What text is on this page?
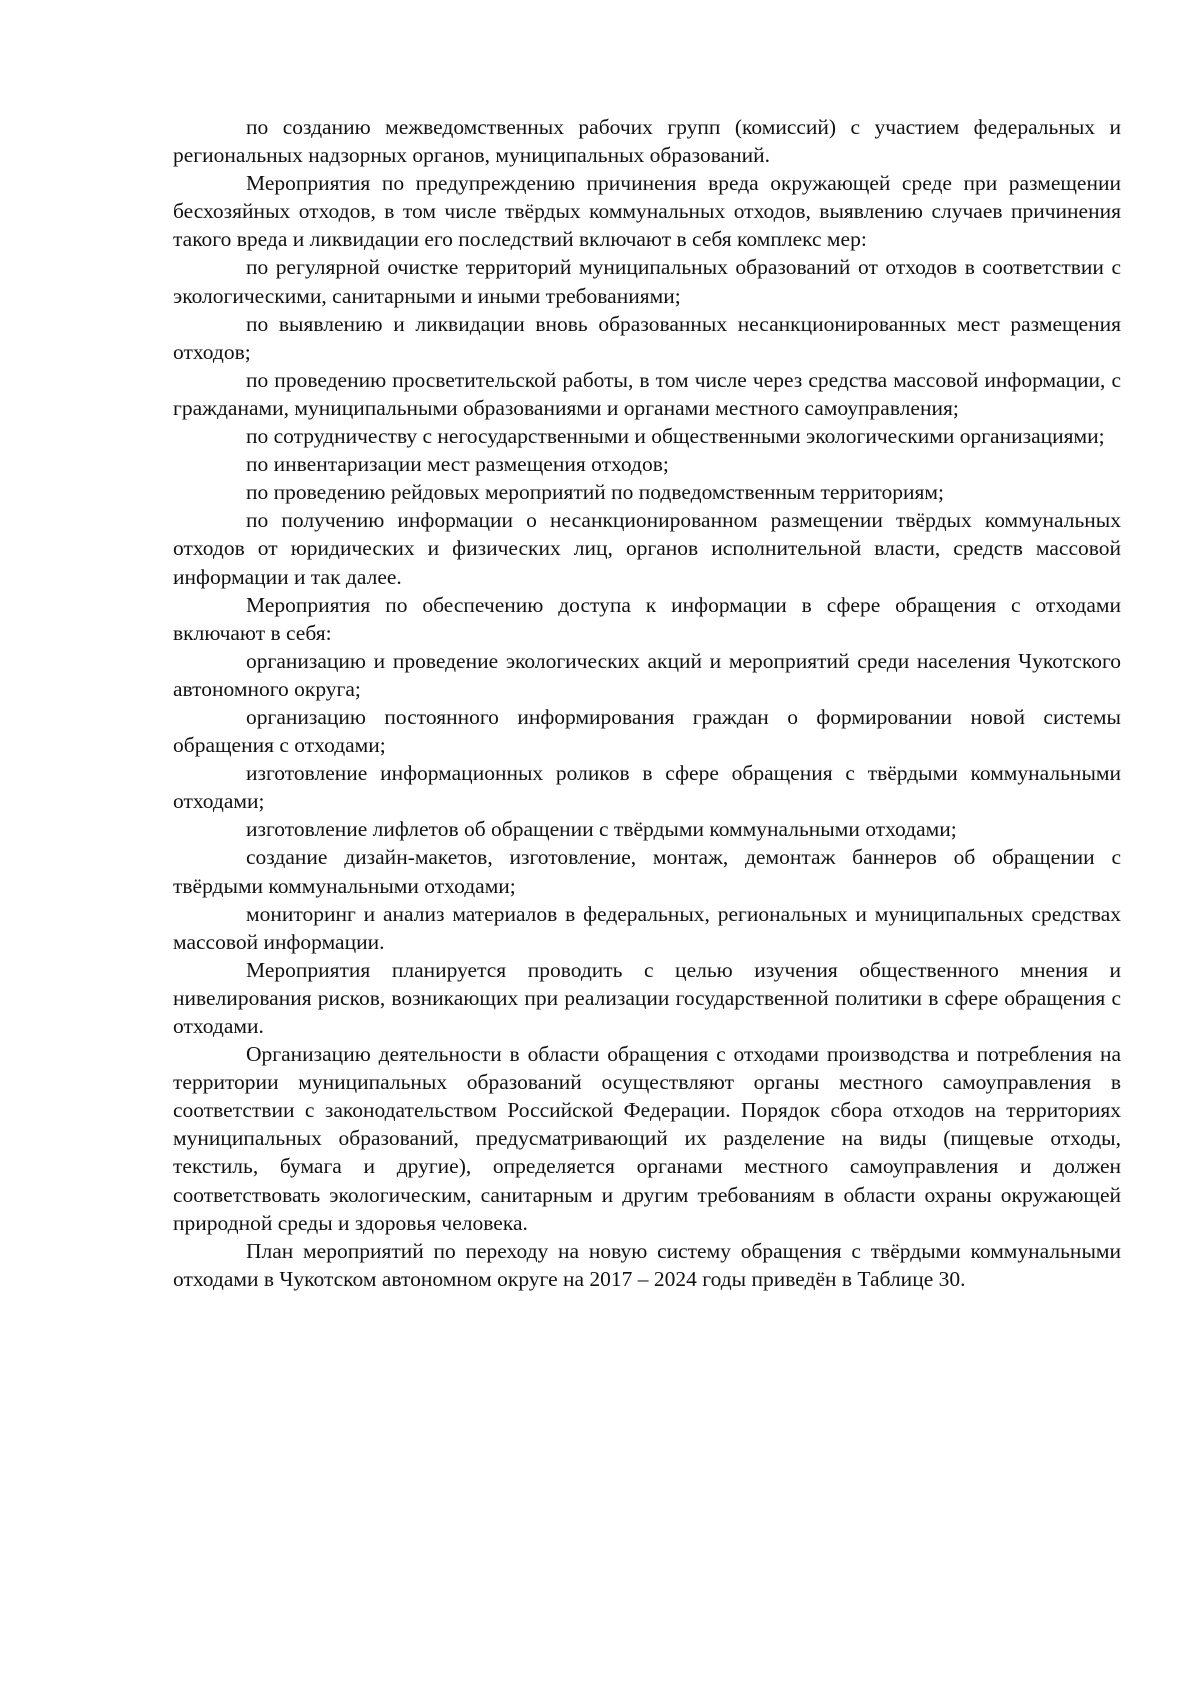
по созданию межведомственных рабочих групп (комиссий) с участием федеральных и региональных надзорных органов, муниципальных образований.

Мероприятия по предупреждению причинения вреда окружающей среде при размещении бесхозяйных отходов, в том числе твёрдых коммунальных отходов, выявлению случаев причинения такого вреда и ликвидации его последствий включают в себя комплекс мер:

по регулярной очистке территорий муниципальных образований от отходов в соответствии с экологическими, санитарными и иными требованиями;

по выявлению и ликвидации вновь образованных несанкционированных мест размещения отходов;

по проведению просветительской работы, в том числе через средства массовой информации, с гражданами, муниципальными образованиями и органами местного самоуправления;

по сотрудничеству с негосударственными и общественными экологическими организациями;

по инвентаризации мест размещения отходов;

по проведению рейдовых мероприятий по подведомственным территориям;

по получению информации о несанкционированном размещении твёрдых коммунальных отходов от юридических и физических лиц, органов исполнительной власти, средств массовой информации и так далее.

Мероприятия по обеспечению доступа к информации в сфере обращения с отходами включают в себя:

организацию и проведение экологических акций и мероприятий среди населения Чукотского автономного округа;

организацию постоянного информирования граждан о формировании новой системы обращения с отходами;

изготовление информационных роликов в сфере обращения с твёрдыми коммунальными отходами;

изготовление лифлетов об обращении с твёрдыми коммунальными отходами;

создание дизайн-макетов, изготовление, монтаж, демонтаж баннеров об обращении с твёрдыми коммунальными отходами;

мониторинг и анализ материалов в федеральных, региональных и муниципальных средствах массовой информации.

Мероприятия планируется проводить с целью изучения общественного мнения и нивелирования рисков, возникающих при реализации государственной политики в сфере обращения с отходами.

Организацию деятельности в области обращения с отходами производства и потребления на территории муниципальных образований осуществляют органы местного самоуправления в соответствии с законодательством Российской Федерации. Порядок сбора отходов на территориях муниципальных образований, предусматривающий их разделение на виды (пищевые отходы, текстиль, бумага и другие), определяется органами местного самоуправления и должен соответствовать экологическим, санитарным и другим требованиям в области охраны окружающей природной среды и здоровья человека.

План мероприятий по переходу на новую систему обращения с твёрдыми коммунальными отходами в Чукотском автономном округе на 2017 – 2024 годы приведён в Таблице 30.
